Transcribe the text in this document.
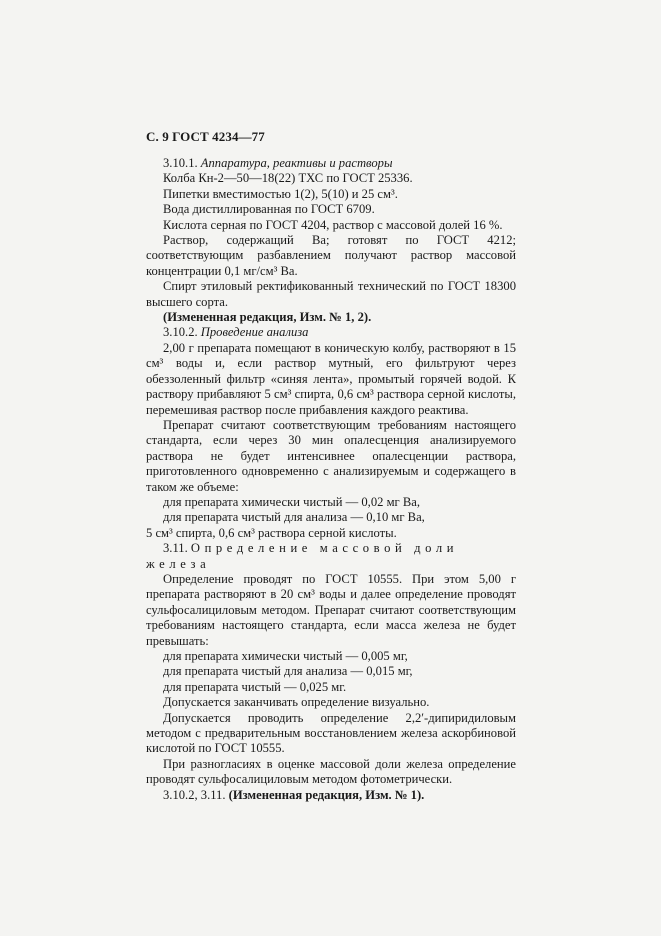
С. 9 ГОСТ 4234—77

3.10.1. Аппаратура, реактивы и растворы

Колба Кн-2—50—18(22) ТХС по ГОСТ 25336.

Пипетки вместимостью 1(2), 5(10) и 25 см³.

Вода дистиллированная по ГОСТ 6709.

Кислота серная по ГОСТ 4204, раствор с массовой долей 16 %.

Раствор, содержащий Ва; готовят по ГОСТ 4212; соответствующим разбавлением получают раствор массовой концентрации 0,1 мг/см³ Ва.

Спирт этиловый ректификованный технический по ГОСТ 18300 высшего сорта.

(Измененная редакция, Изм. № 1, 2).

3.10.2. Проведение анализа

2,00 г препарата помещают в коническую колбу, растворяют в 15 см³ воды и, если раствор мутный, его фильтруют через обеззоленный фильтр «синяя лента», промытый горячей водой. К раствору прибавляют 5 см³ спирта, 0,6 см³ раствора серной кислоты, перемешивая раствор после прибавления каждого реактива.

Препарат считают соответствующим требованиям настоящего стандарта, если через 30 мин опалесценция анализируемого раствора не будет интенсивнее опалесценции раствора, приготовленного одновременно с анализируемым и содержащего в таком же объеме:

для препарата химически чистый — 0,02 мг Ва,

для препарата чистый для анализа — 0,10 мг Ва,

5 см³ спирта, 0,6 см³ раствора серной кислоты.

3.11. Определение массовой доли железа

Определение проводят по ГОСТ 10555. При этом 5,00 г препарата растворяют в 20 см³ воды и далее определение проводят сульфосалициловым методом. Препарат считают соответствующим требованиям настоящего стандарта, если масса железа не будет превышать:

для препарата химически чистый — 0,005 мг,

для препарата чистый для анализа — 0,015 мг,

для препарата чистый — 0,025 мг.

Допускается заканчивать определение визуально.

Допускается проводить определение 2,2′-дипиридиловым методом с предварительным восстановлением железа аскорбиновой кислотой по ГОСТ 10555.

При разногласиях в оценке массовой доли железа определение проводят сульфосалициловым методом фотометрически.

3.10.2, 3.11. (Измененная редакция, Изм. № 1).
